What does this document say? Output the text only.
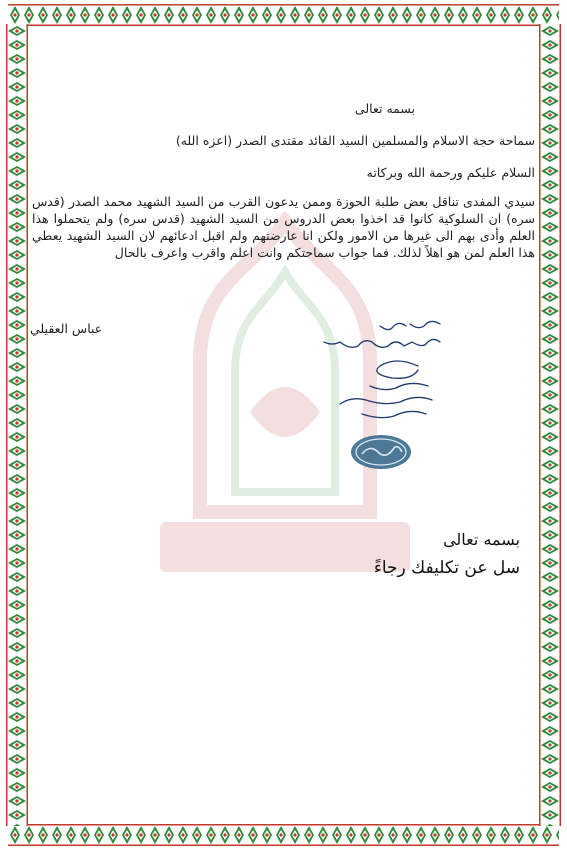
بسمه تعالى
سماحة حجة الاسلام والمسلمين السيد القائد مقتدى الصدر (اعزه الله)
السلام عليكم ورحمة الله وبركاته
سيدي المفدى تناقل بعض طلبة الحوزة وممن يدعون القرب من السيد الشهيد محمد الصدر (قدس سره) ان السلوكية كانوا قد اخذوا بعض الدروس من السيد الشهيد (قدس سره) ولم يتحملوا هذا العلم وأدى بهم الى غيرها من الامور ولكن انا عارضتهم ولم اقبل ادعائهم لان السيد الشهيد يعطي هذا العلم لمن هو اهلاً لذلك. فما جواب سماحتكم وانت اعلم واقرب واعرف بالحال
عباس العقيلي
بسمه تعالى
سل عن تكليفك رجاءً
